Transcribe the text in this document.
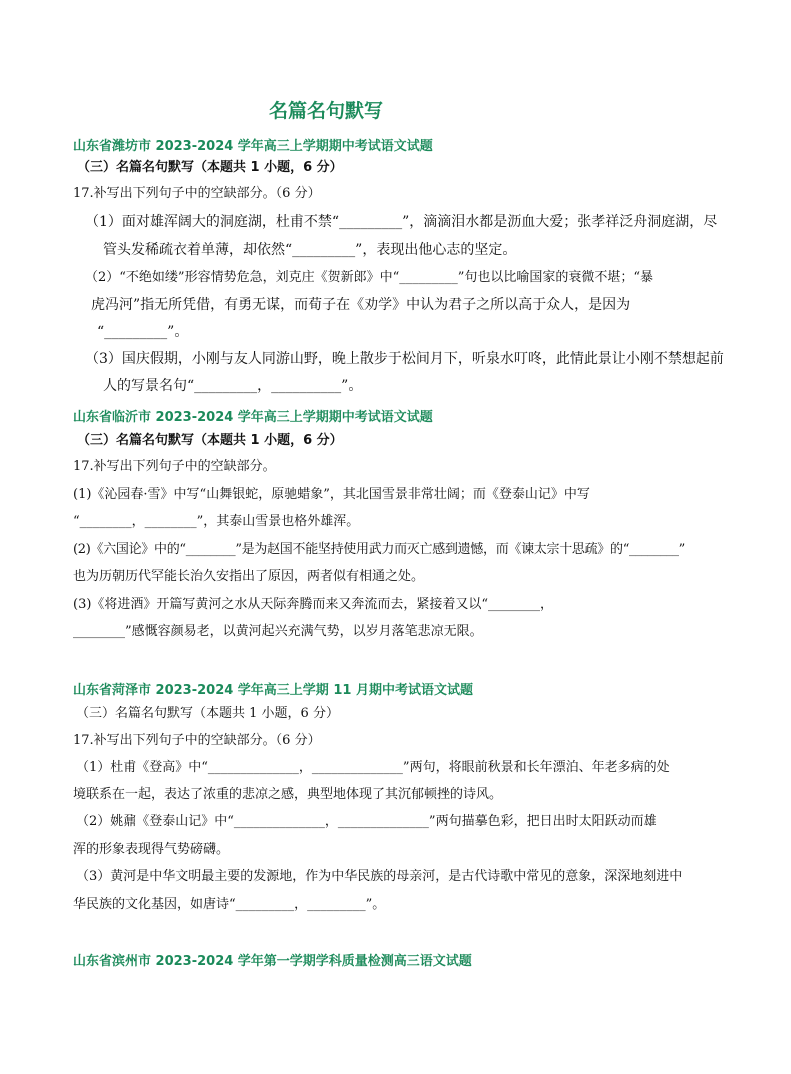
名篇名句默写
山东省潍坊市 2023-2024 学年高三上学期期中考试语文试题
（三）名篇名句默写（本题共 1 小题，6 分）
17.补写出下列句子中的空缺部分。（6 分）
（1）面对雄浑阔大的洞庭湖，杜甫不禁“_________”，滴滴泪水都是沥血大爱；张孝祥泛舟洞庭湖，尽
管头发稀疏衣着单薄，却依然“_________”，表现出他心志的坚定。
（2）“不绝如缕”形容情势危急，刘克庄《贺新郎》中“_________”句也以比喻国家的衰微不堪；“暴
虎冯河”指无所凭借，有勇无谋，而荀子在《劝学》中认为君子之所以高于众人，是因为
“_________”。
（3）国庆假期，小刚与友人同游山野，晚上散步于松间月下，听泉水叮咚，此情此景让小刚不禁想起前
人的写景名句“_________，__________”。
山东省临沂市 2023-2024 学年高三上学期期中考试语文试题
（三）名篇名句默写（本题共 1 小题，6 分）
17.补写出下列句子中的空缺部分。
(1)《沁园春·雪》中写“山舞银蛇，原驰蜡象”，其北国雪景非常壮阔；而《登泰山记》中写
“________，________”，其泰山雪景也格外雄浑。
(2)《六国论》中的“________”是为赵国不能坚持使用武力而灭亡感到遗憾，而《谏太宗十思疏》的“________”
也为历朝历代罕能长治久安指出了原因，两者似有相通之处。
(3)《将进酒》开篇写黄河之水从天际奔腾而来又奔流而去，紧接着又以“________，
________”感慨容颜易老，以黄河起兴充满气势，以岁月落笔悲凉无限。
山东省菏泽市 2023-2024 学年高三上学期 11 月期中考试语文试题
（三）名篇名句默写（本题共 1 小题，6 分）
17.补写出下列句子中的空缺部分。（6 分）
（1）杜甫《登高》中“______________，______________”两句，将眼前秋景和长年漂泊、年老多病的处
境联系在一起，表达了浓重的悲凉之感，典型地体现了其沉郁顿挫的诗风。
（2）姚鼐《登泰山记》中“______________，______________”两句描摹色彩，把日出时太阳跃动而雄
浑的形象表现得气势磅礴。
（3）黄河是中华文明最主要的发源地，作为中华民族的母亲河，是古代诗歌中常见的意象，深深地刻进中
华民族的文化基因，如唐诗“_________，_________”。
山东省滨州市 2023-2024 学年第一学期学科质量检测高三语文试题
